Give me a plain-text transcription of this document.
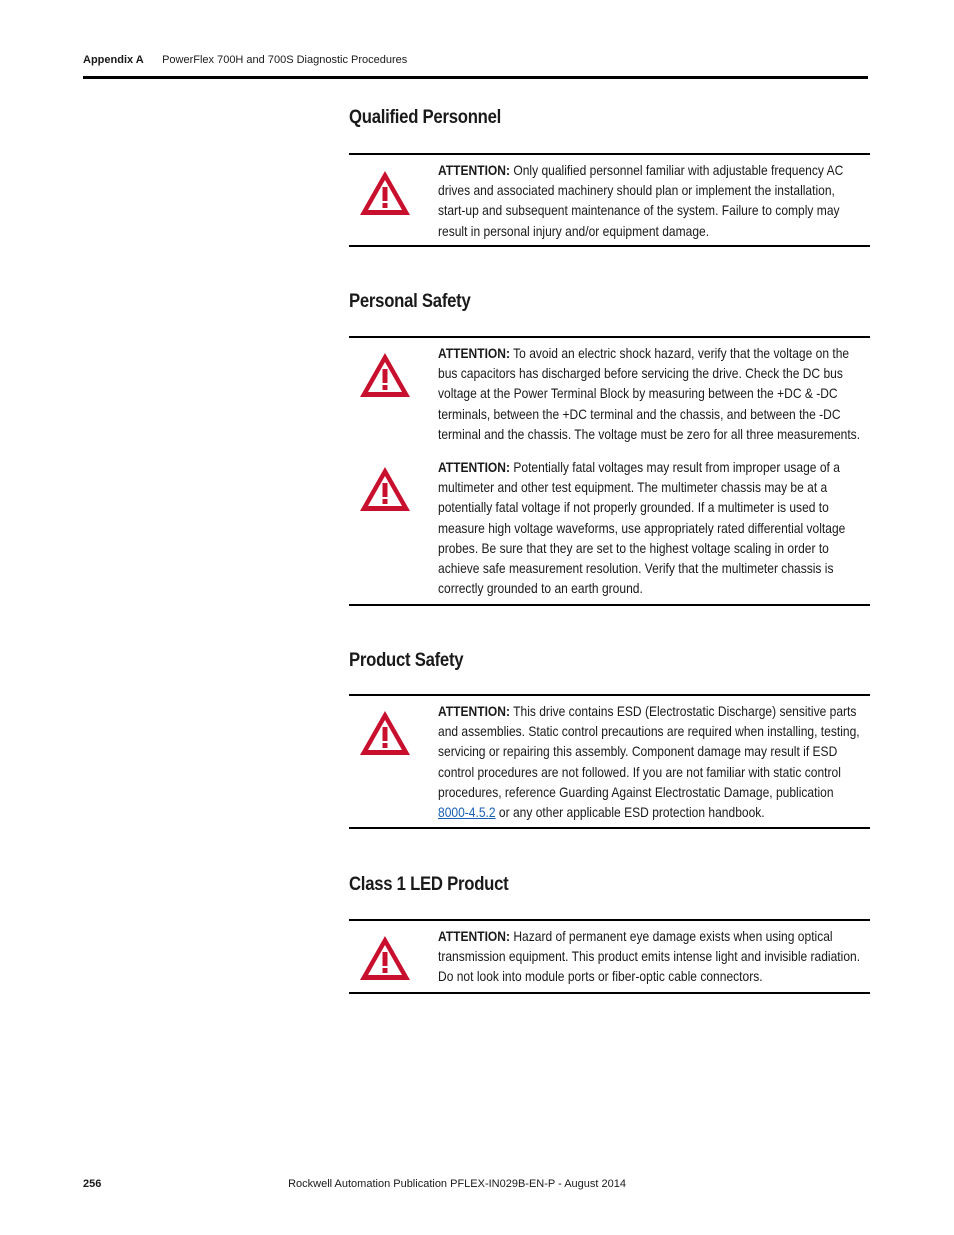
Appendix A PowerFlex 700H and 700S Diagnostic Procedures
Qualified Personnel
ATTENTION: Only qualified personnel familiar with adjustable frequency AC drives and associated machinery should plan or implement the installation, start-up and subsequent maintenance of the system. Failure to comply may result in personal injury and/or equipment damage.
Personal Safety
ATTENTION: To avoid an electric shock hazard, verify that the voltage on the bus capacitors has discharged before servicing the drive. Check the DC bus voltage at the Power Terminal Block by measuring between the +DC & -DC terminals, between the +DC terminal and the chassis, and between the -DC terminal and the chassis. The voltage must be zero for all three measurements.
ATTENTION: Potentially fatal voltages may result from improper usage of a multimeter and other test equipment. The multimeter chassis may be at a potentially fatal voltage if not properly grounded. If a multimeter is used to measure high voltage waveforms, use appropriately rated differential voltage probes. Be sure that they are set to the highest voltage scaling in order to achieve safe measurement resolution. Verify that the multimeter chassis is correctly grounded to an earth ground.
Product Safety
ATTENTION: This drive contains ESD (Electrostatic Discharge) sensitive parts and assemblies. Static control precautions are required when installing, testing, servicing or repairing this assembly. Component damage may result if ESD control procedures are not followed. If you are not familiar with static control procedures, reference Guarding Against Electrostatic Damage, publication 8000-4.5.2 or any other applicable ESD protection handbook.
Class 1 LED Product
ATTENTION: Hazard of permanent eye damage exists when using optical transmission equipment. This product emits intense light and invisible radiation. Do not look into module ports or fiber-optic cable connectors.
256	Rockwell Automation Publication PFLEX-IN029B-EN-P - August 2014
